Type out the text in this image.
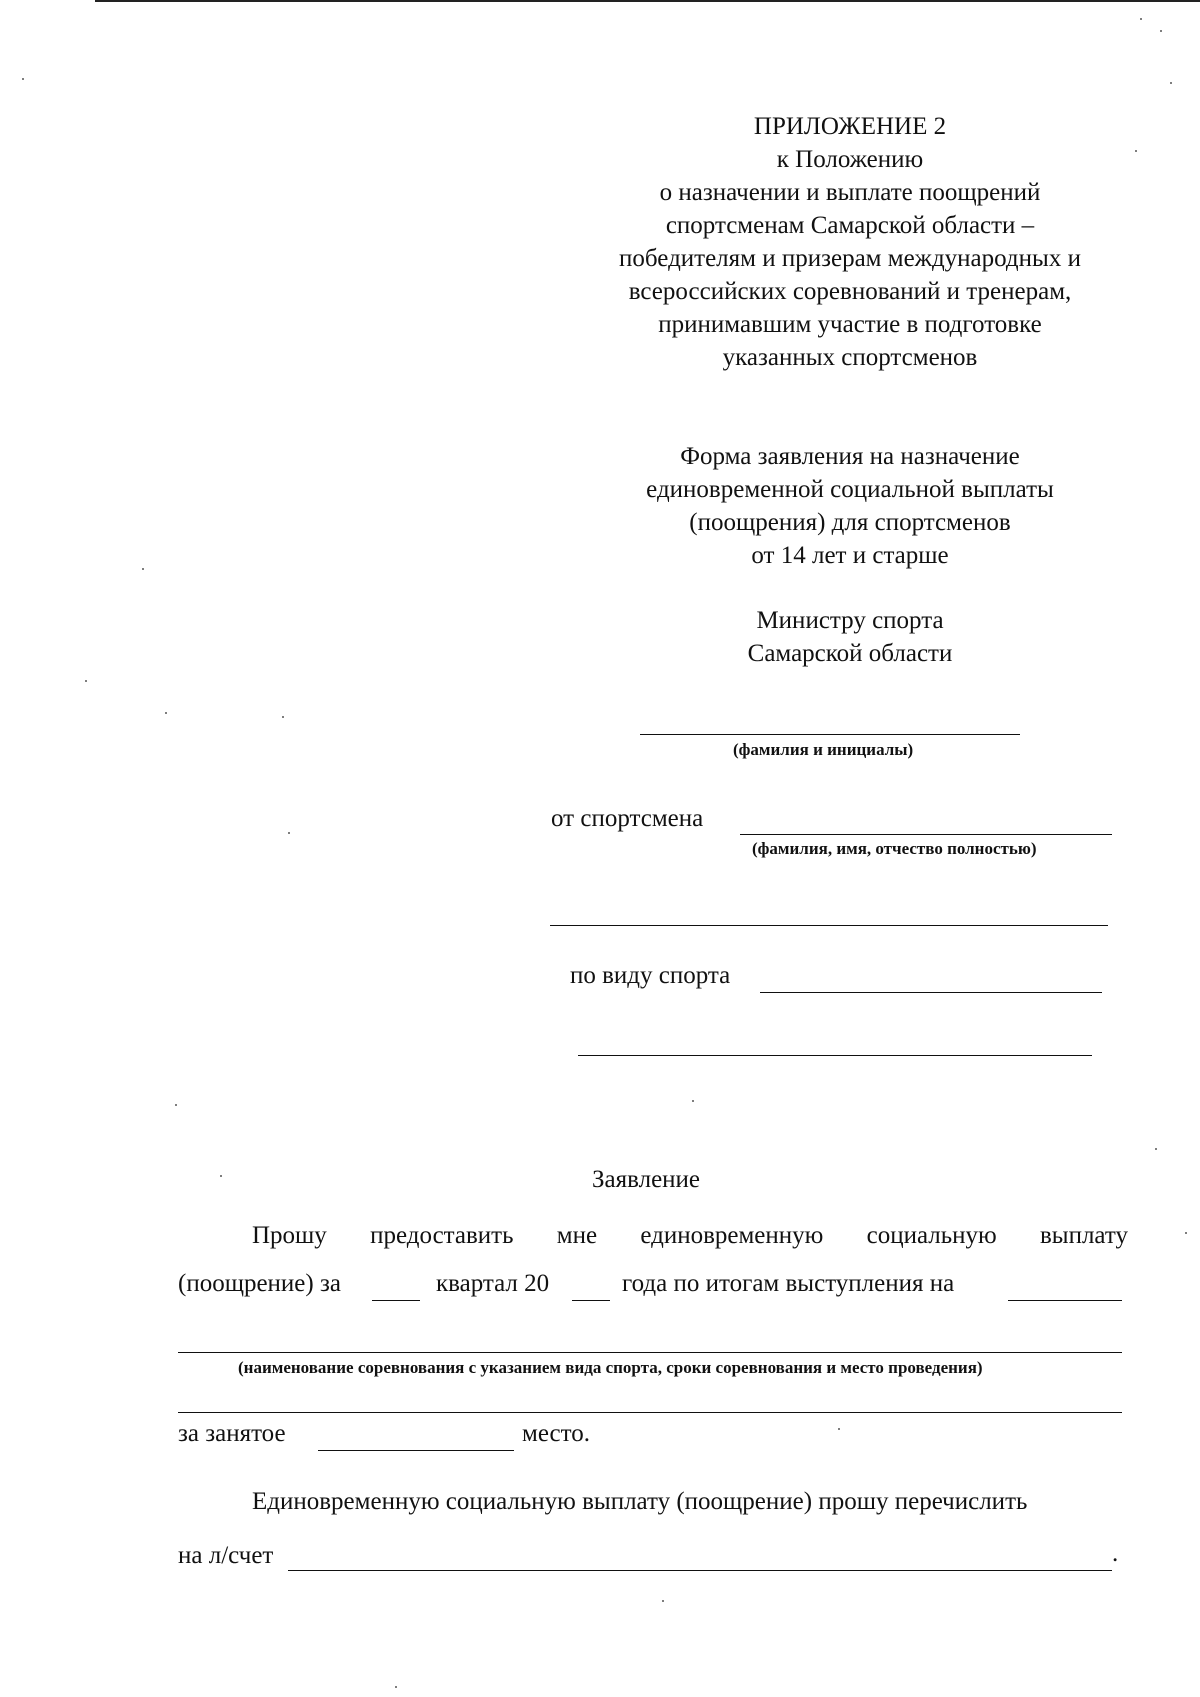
ПРИЛОЖЕНИЕ 2
к Положению
о назначении и выплате поощрений
спортсменам Самарской области –
победителям и призерам международных и
всероссийских соревнований и тренерам,
принимавшим участие в подготовке
указанных спортсменов
Форма заявления на назначение
единовременной социальной выплаты
(поощрения) для спортсменов
от 14 лет и старше
Министру спорта
Самарской области
(фамилия и инициалы)
от спортсмена
(фамилия, имя, отчество полностью)
по виду спорта
Заявление
Прошу предоставить мне единовременную социальную выплату
(поощрение) за	квартал 20	года по итогам выступления на
(наименование соревнования с указанием вида спорта, сроки соревнования и место проведения)
за занятое	место.
Единовременную социальную выплату (поощрение) прошу перечислить
на л/счет	.
